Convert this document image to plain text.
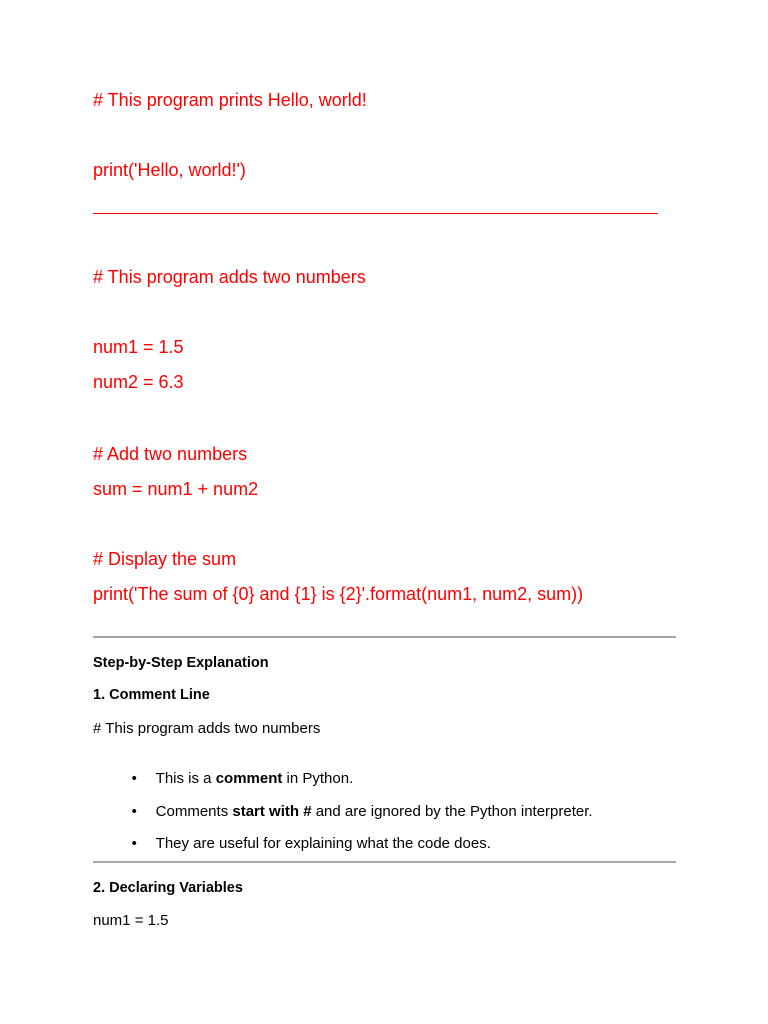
# This program prints Hello, world!
print('Hello, world!')
# This program adds two numbers
num1 = 1.5
num2 = 6.3
# Add two numbers
sum = num1 + num2
# Display the sum
print('The sum of {0} and {1} is {2}'.format(num1, num2, sum))
Step-by-Step Explanation
1. Comment Line
# This program adds two numbers

• This is a comment in Python.

• Comments start with # and are ignored by the Python interpreter.

• They are useful for explaining what the code does.

2. Declaring Variables
num1 = 1.5
